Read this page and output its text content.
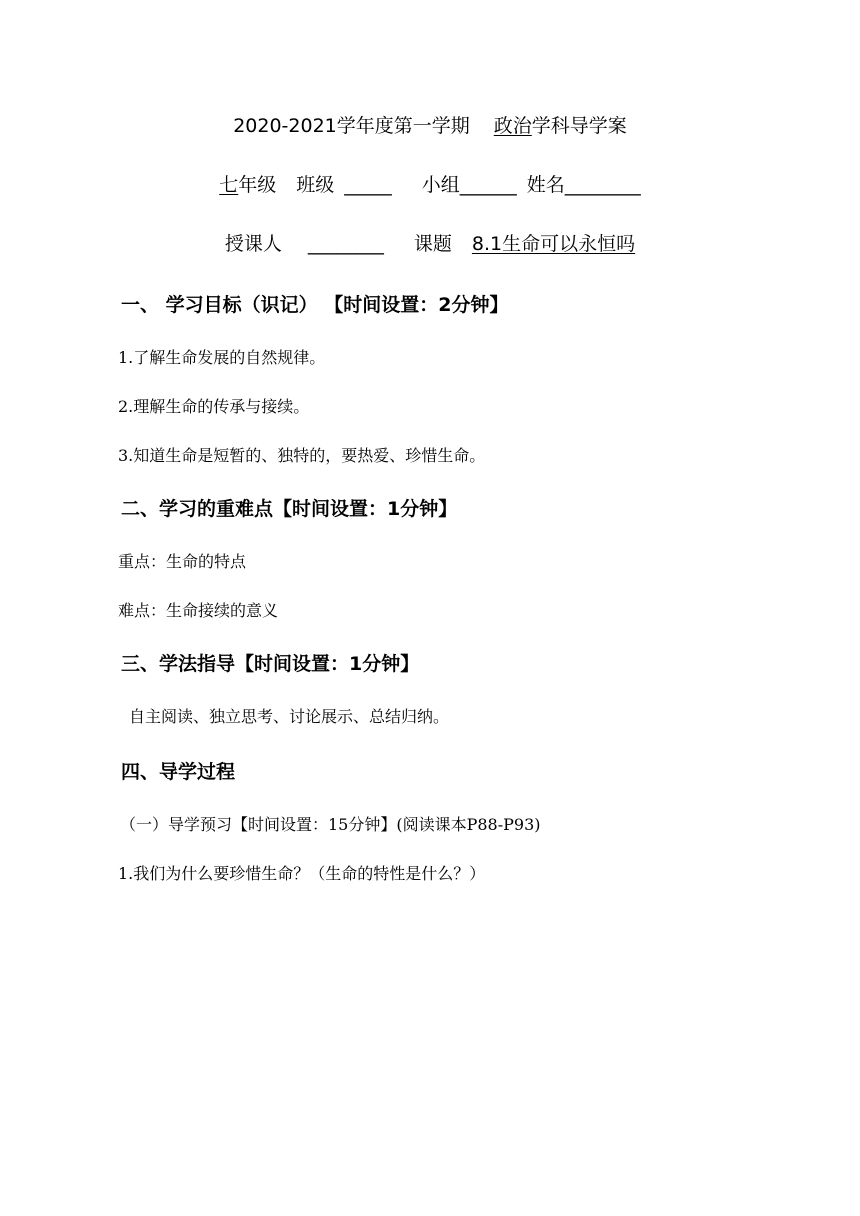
2020-2021学年度第一学期 政治学科导学案
七年级 班级 _____ 小组______ 姓名________
授课人 ________ 课题 8.1生命可以永恒吗
一、 学习目标（识记） 【时间设置：2分钟】
1.了解生命发展的自然规律。
2.理解生命的传承与接续。
3.知道生命是短暂的、独特的，要热爱、珍惜生命。
二、学习的重难点【时间设置：1分钟】
重点：生命的特点
难点：生命接续的意义
三、学法指导【时间设置：1分钟】
自主阅读、独立思考、讨论展示、总结归纳。
四、导学过程
（一）导学预习【时间设置：15分钟】(阅读课本P88-P93)
1.我们为什么要珍惜生命？（生命的特性是什么？）
